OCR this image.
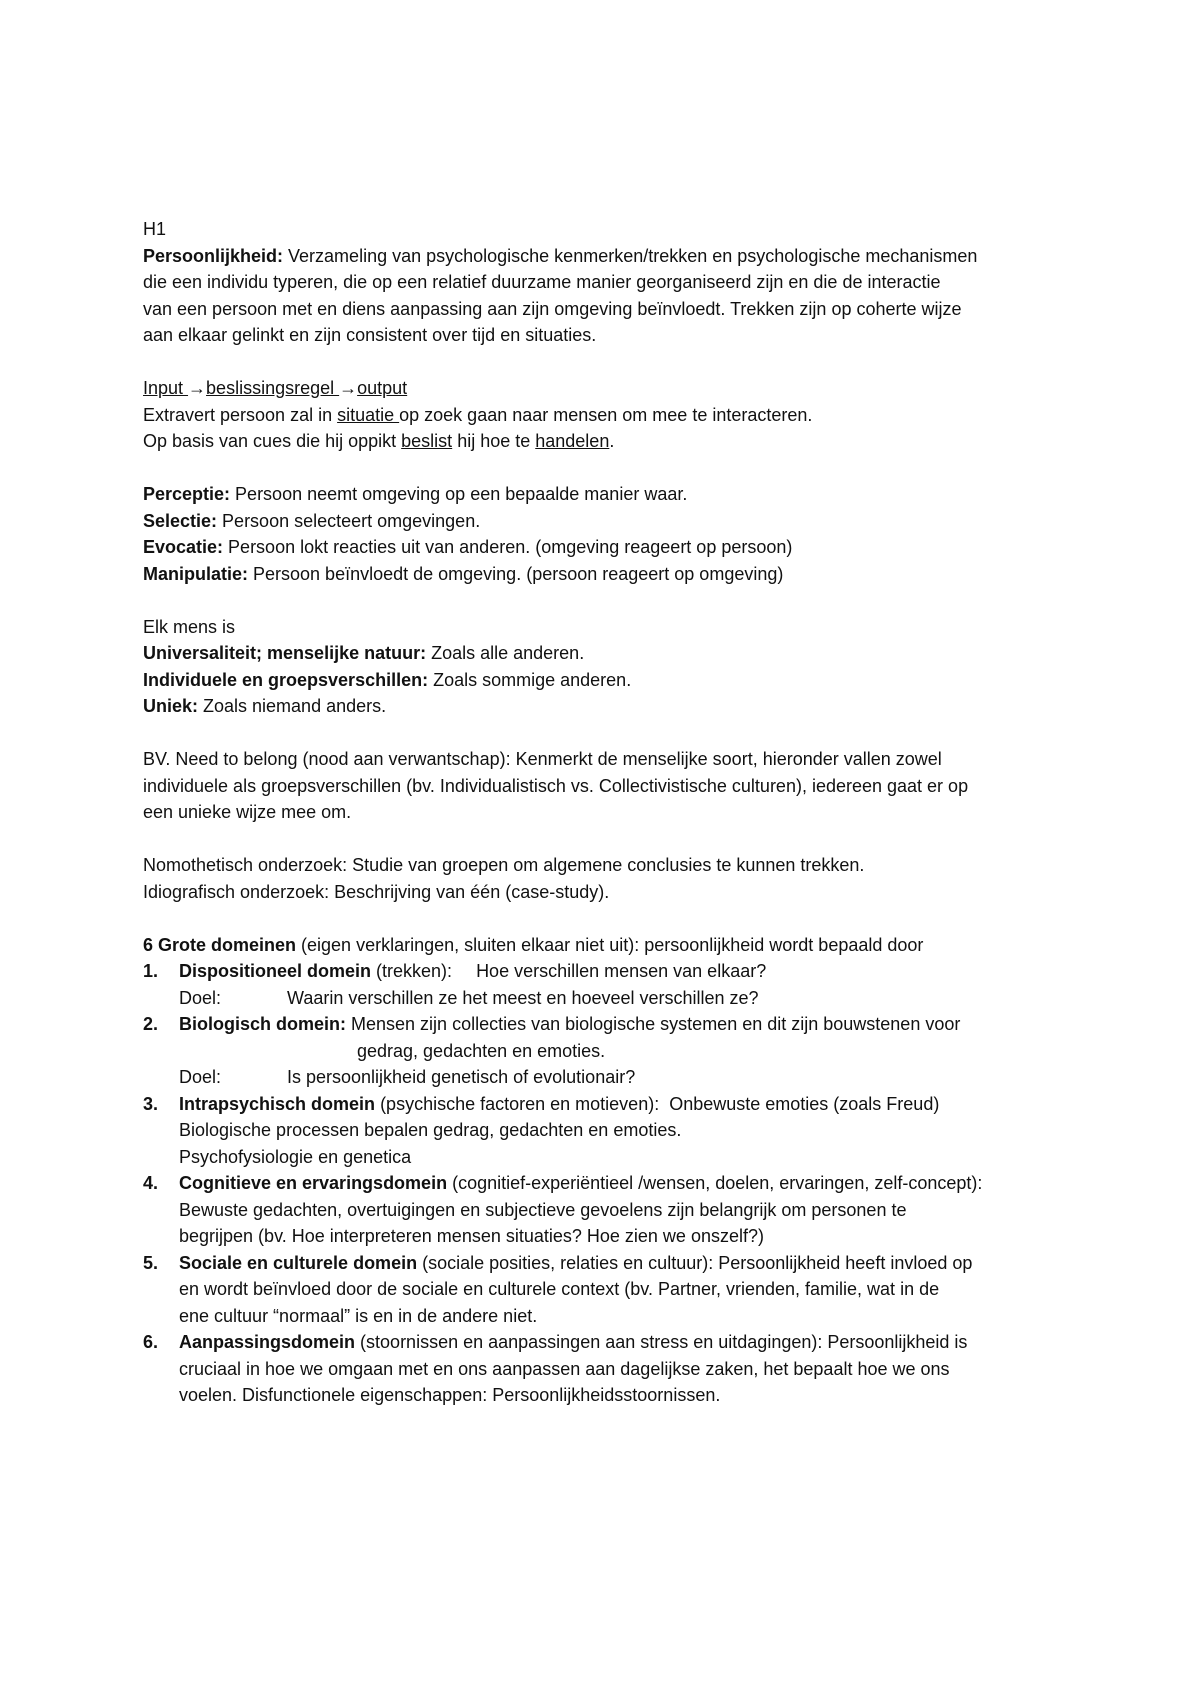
H1

Persoonlijkheid: Verzameling van psychologische kenmerken/trekken en psychologische mechanismen

die een individu typeren, die op een relatief duurzame manier georganiseerd zijn en die de interactie

van een persoon met en diens aanpassing aan zijn omgeving beïnvloedt. Trekken zijn op coherte wijze

aan elkaar gelinkt en zijn consistent over tijd en situaties.

Input →beslissingsregel →output

Extravert persoon zal in situatie op zoek gaan naar mensen om mee te interacteren.

Op basis van cues die hij oppikt beslist hij hoe te handelen.

Perceptie: Persoon neemt omgeving op een bepaalde manier waar.

Selectie: Persoon selecteert omgevingen.

Evocatie: Persoon lokt reacties uit van anderen. (omgeving reageert op persoon)

Manipulatie: Persoon beïnvloedt de omgeving. (persoon reageert op omgeving)

Elk mens is

Universaliteit; menselijke natuur: Zoals alle anderen.

Individuele en groepsverschillen: Zoals sommige anderen.

Uniek: Zoals niemand anders.

BV. Need to belong (nood aan verwantschap): Kenmerkt de menselijke soort, hieronder vallen zowel

individuele als groepsverschillen (bv. Individualistisch vs. Collectivistische culturen), iedereen gaat er op

een unieke wijze mee om.

Nomothetisch onderzoek: Studie van groepen om algemene conclusies te kunnen trekken.

Idiografisch onderzoek: Beschrijving van één (case-study).

6 Grote domeinen (eigen verklaringen, sluiten elkaar niet uit): persoonlijkheid wordt bepaald door

1. Dispositioneel domein (trekken): Hoe verschillen mensen van elkaar?
Doel:	Waarin verschillen ze het meest en hoeveel verschillen ze?
2. Biologisch domein: Mensen zijn collecties van biologische systemen en dit zijn bouwstenen voor
gedrag, gedachten en emoties.
Doel:	Is persoonlijkheid genetisch of evolutionair?
3. Intrapsychisch domein (psychische factoren en motieven): Onbewuste emoties (zoals Freud)
Biologische processen bepalen gedrag, gedachten en emoties.
Psychofysiologie en genetica
4. Cognitieve en ervaringsdomein (cognitief-experiëntieel /wensen, doelen, ervaringen, zelf-concept):
Bewuste gedachten, overtuigingen en subjectieve gevoelens zijn belangrijk om personen te
begrijpen (bv. Hoe interpreteren mensen situaties? Hoe zien we onszelf?)
5. Sociale en culturele domein (sociale posities, relaties en cultuur): Persoonlijkheid heeft invloed op
en wordt beïnvloed door de sociale en culturele context (bv. Partner, vrienden, familie, wat in de
ene cultuur “normaal” is en in de andere niet.
6. Aanpassingsdomein (stoornissen en aanpassingen aan stress en uitdagingen): Persoonlijkheid is
cruciaal in hoe we omgaan met en ons aanpassen aan dagelijkse zaken, het bepaalt hoe we ons
voelen. Disfunctionele eigenschappen: Persoonlijkheidsstoornissen.
